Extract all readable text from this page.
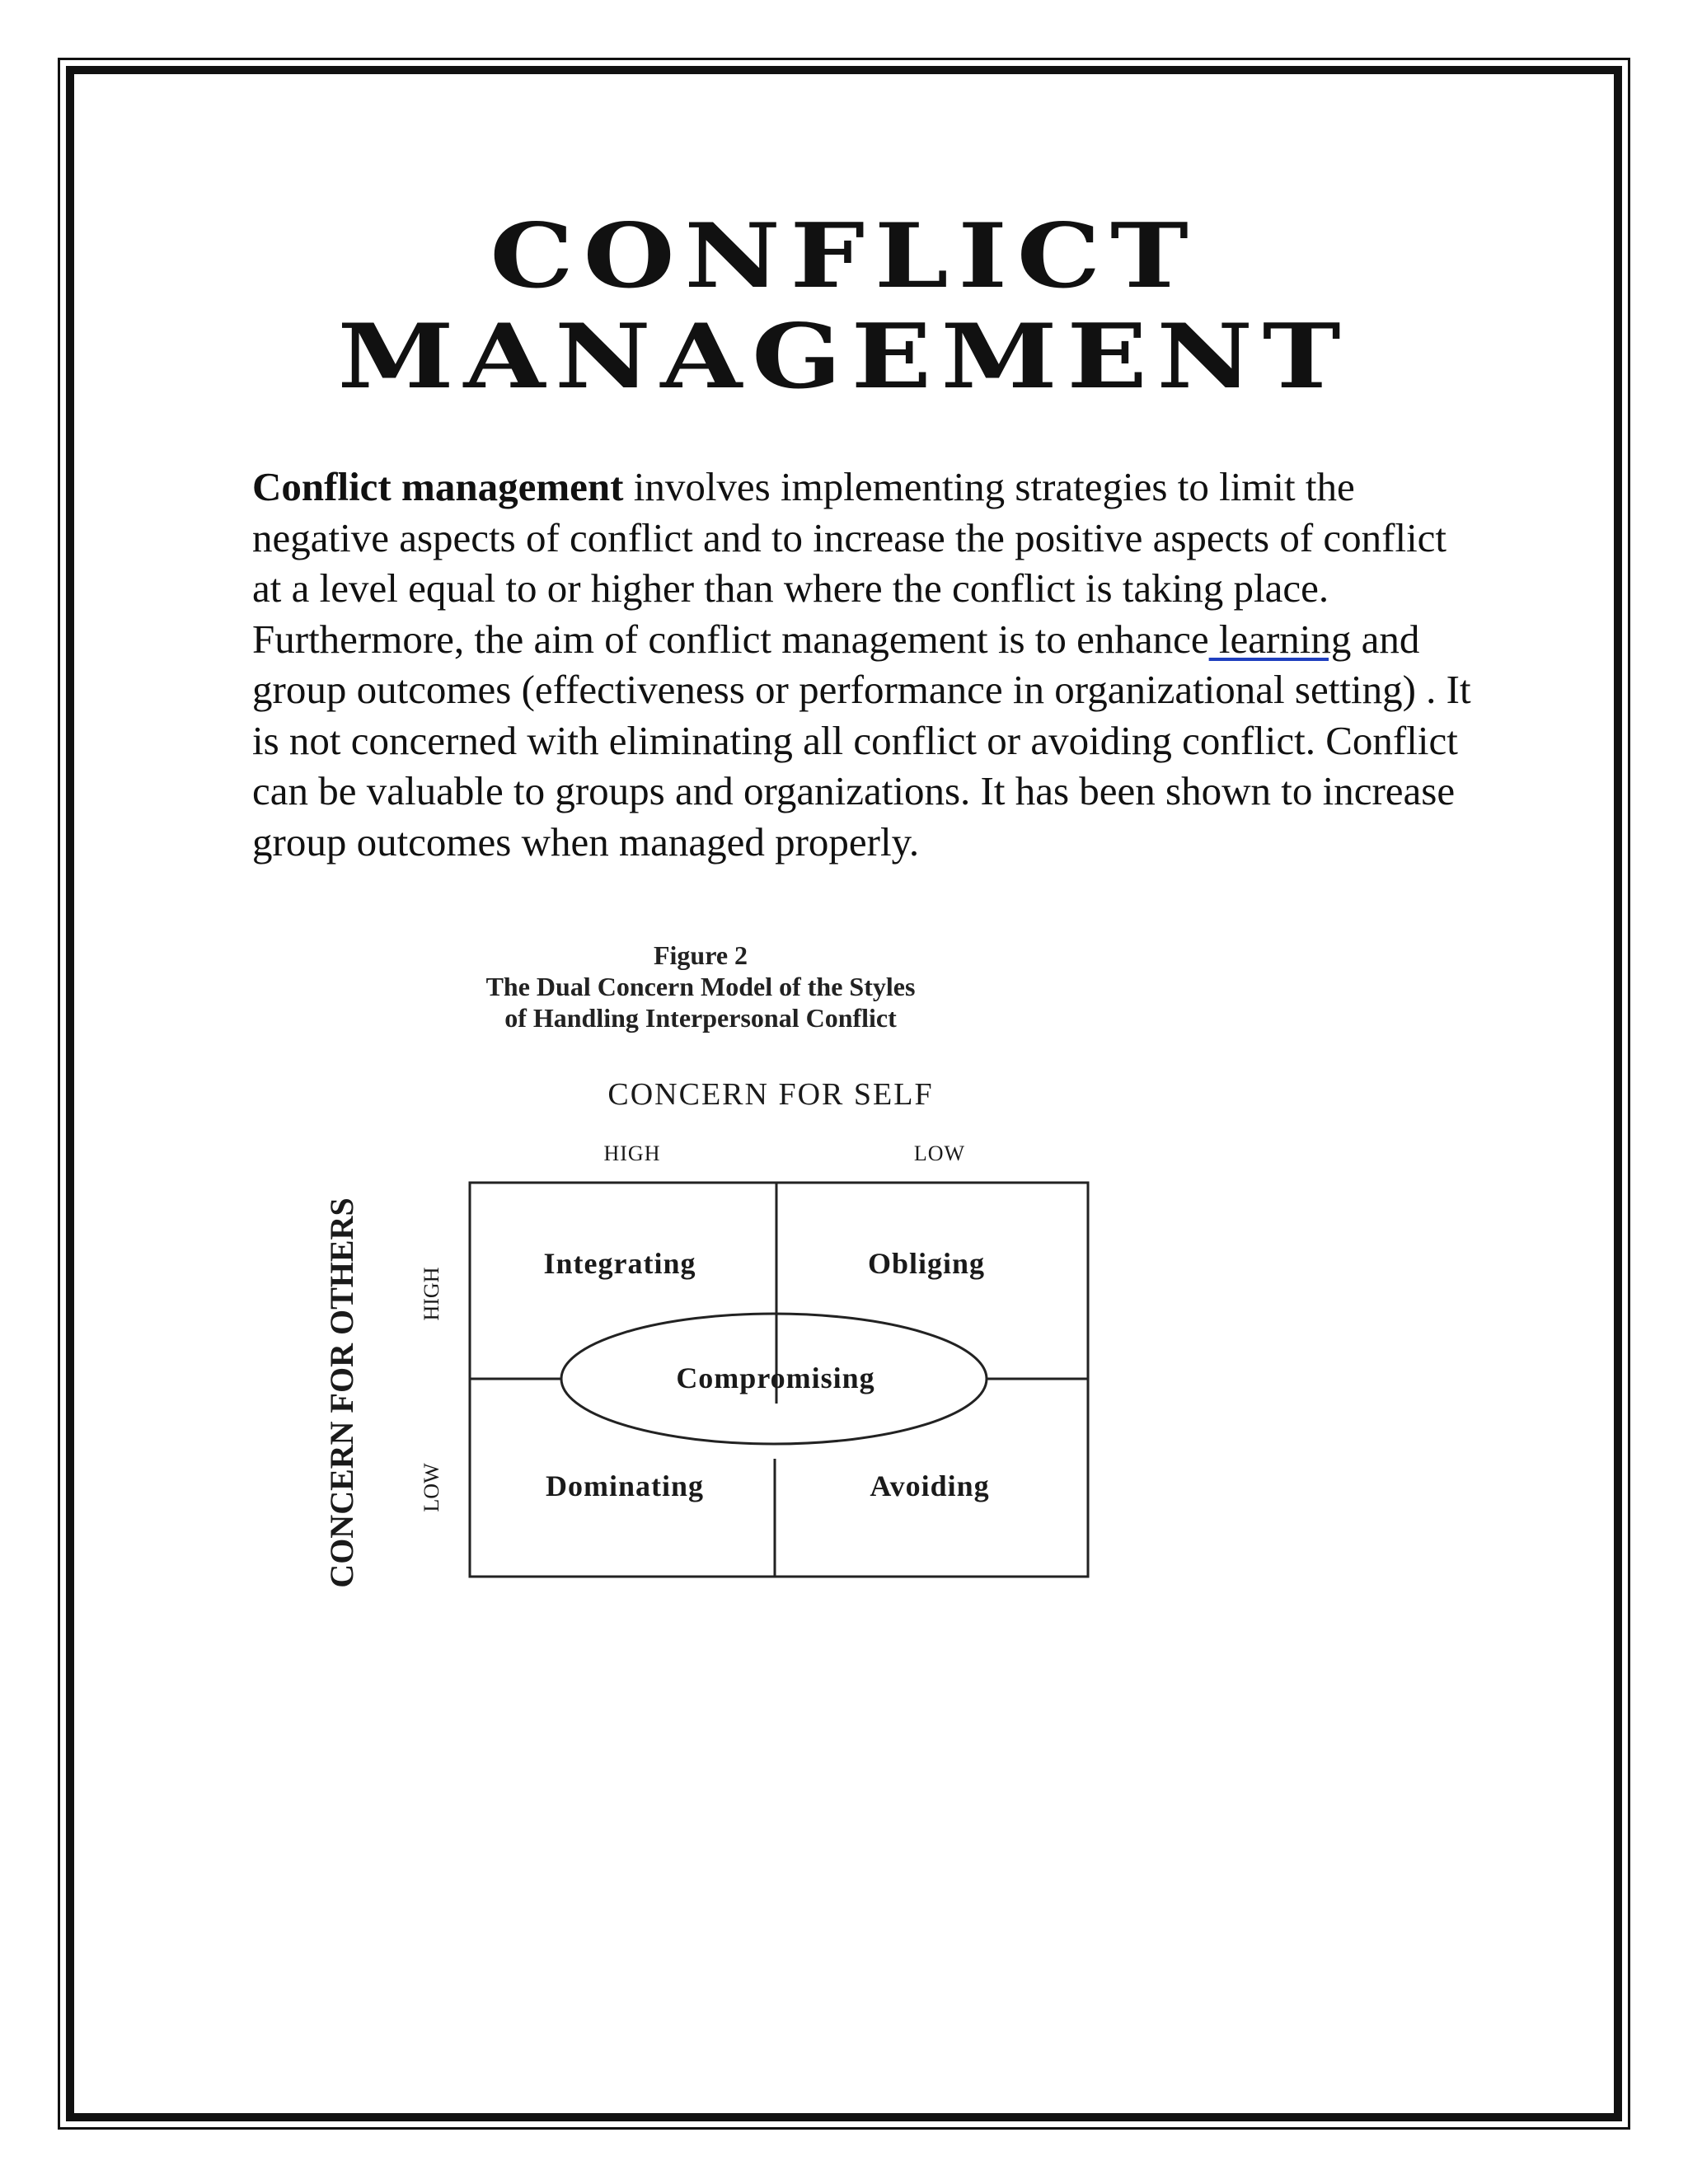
CONFLICT
MANAGEMENT

Conflict management involves implementing strategies to limit the negative aspects of conflict and to increase the positive aspects of conflict at a level equal to or higher than where the conflict is taking place. Furthermore, the aim of conflict management is to enhance learning and group outcomes (effectiveness or performance in organizational setting) . It is not concerned with eliminating all conflict or avoiding conflict. Conflict can be valuable to groups and organizations. It has been shown to increase group outcomes when managed properly.

Figure 2
The Dual Concern Model of the Styles
of Handling Interpersonal Conflict
CONCERN FOR SELF
HIGH	LOW
CONCERN FOR OTHERS	HIGH
LOW
Integrating	Obliging
Compromising
Dominating	Avoiding
